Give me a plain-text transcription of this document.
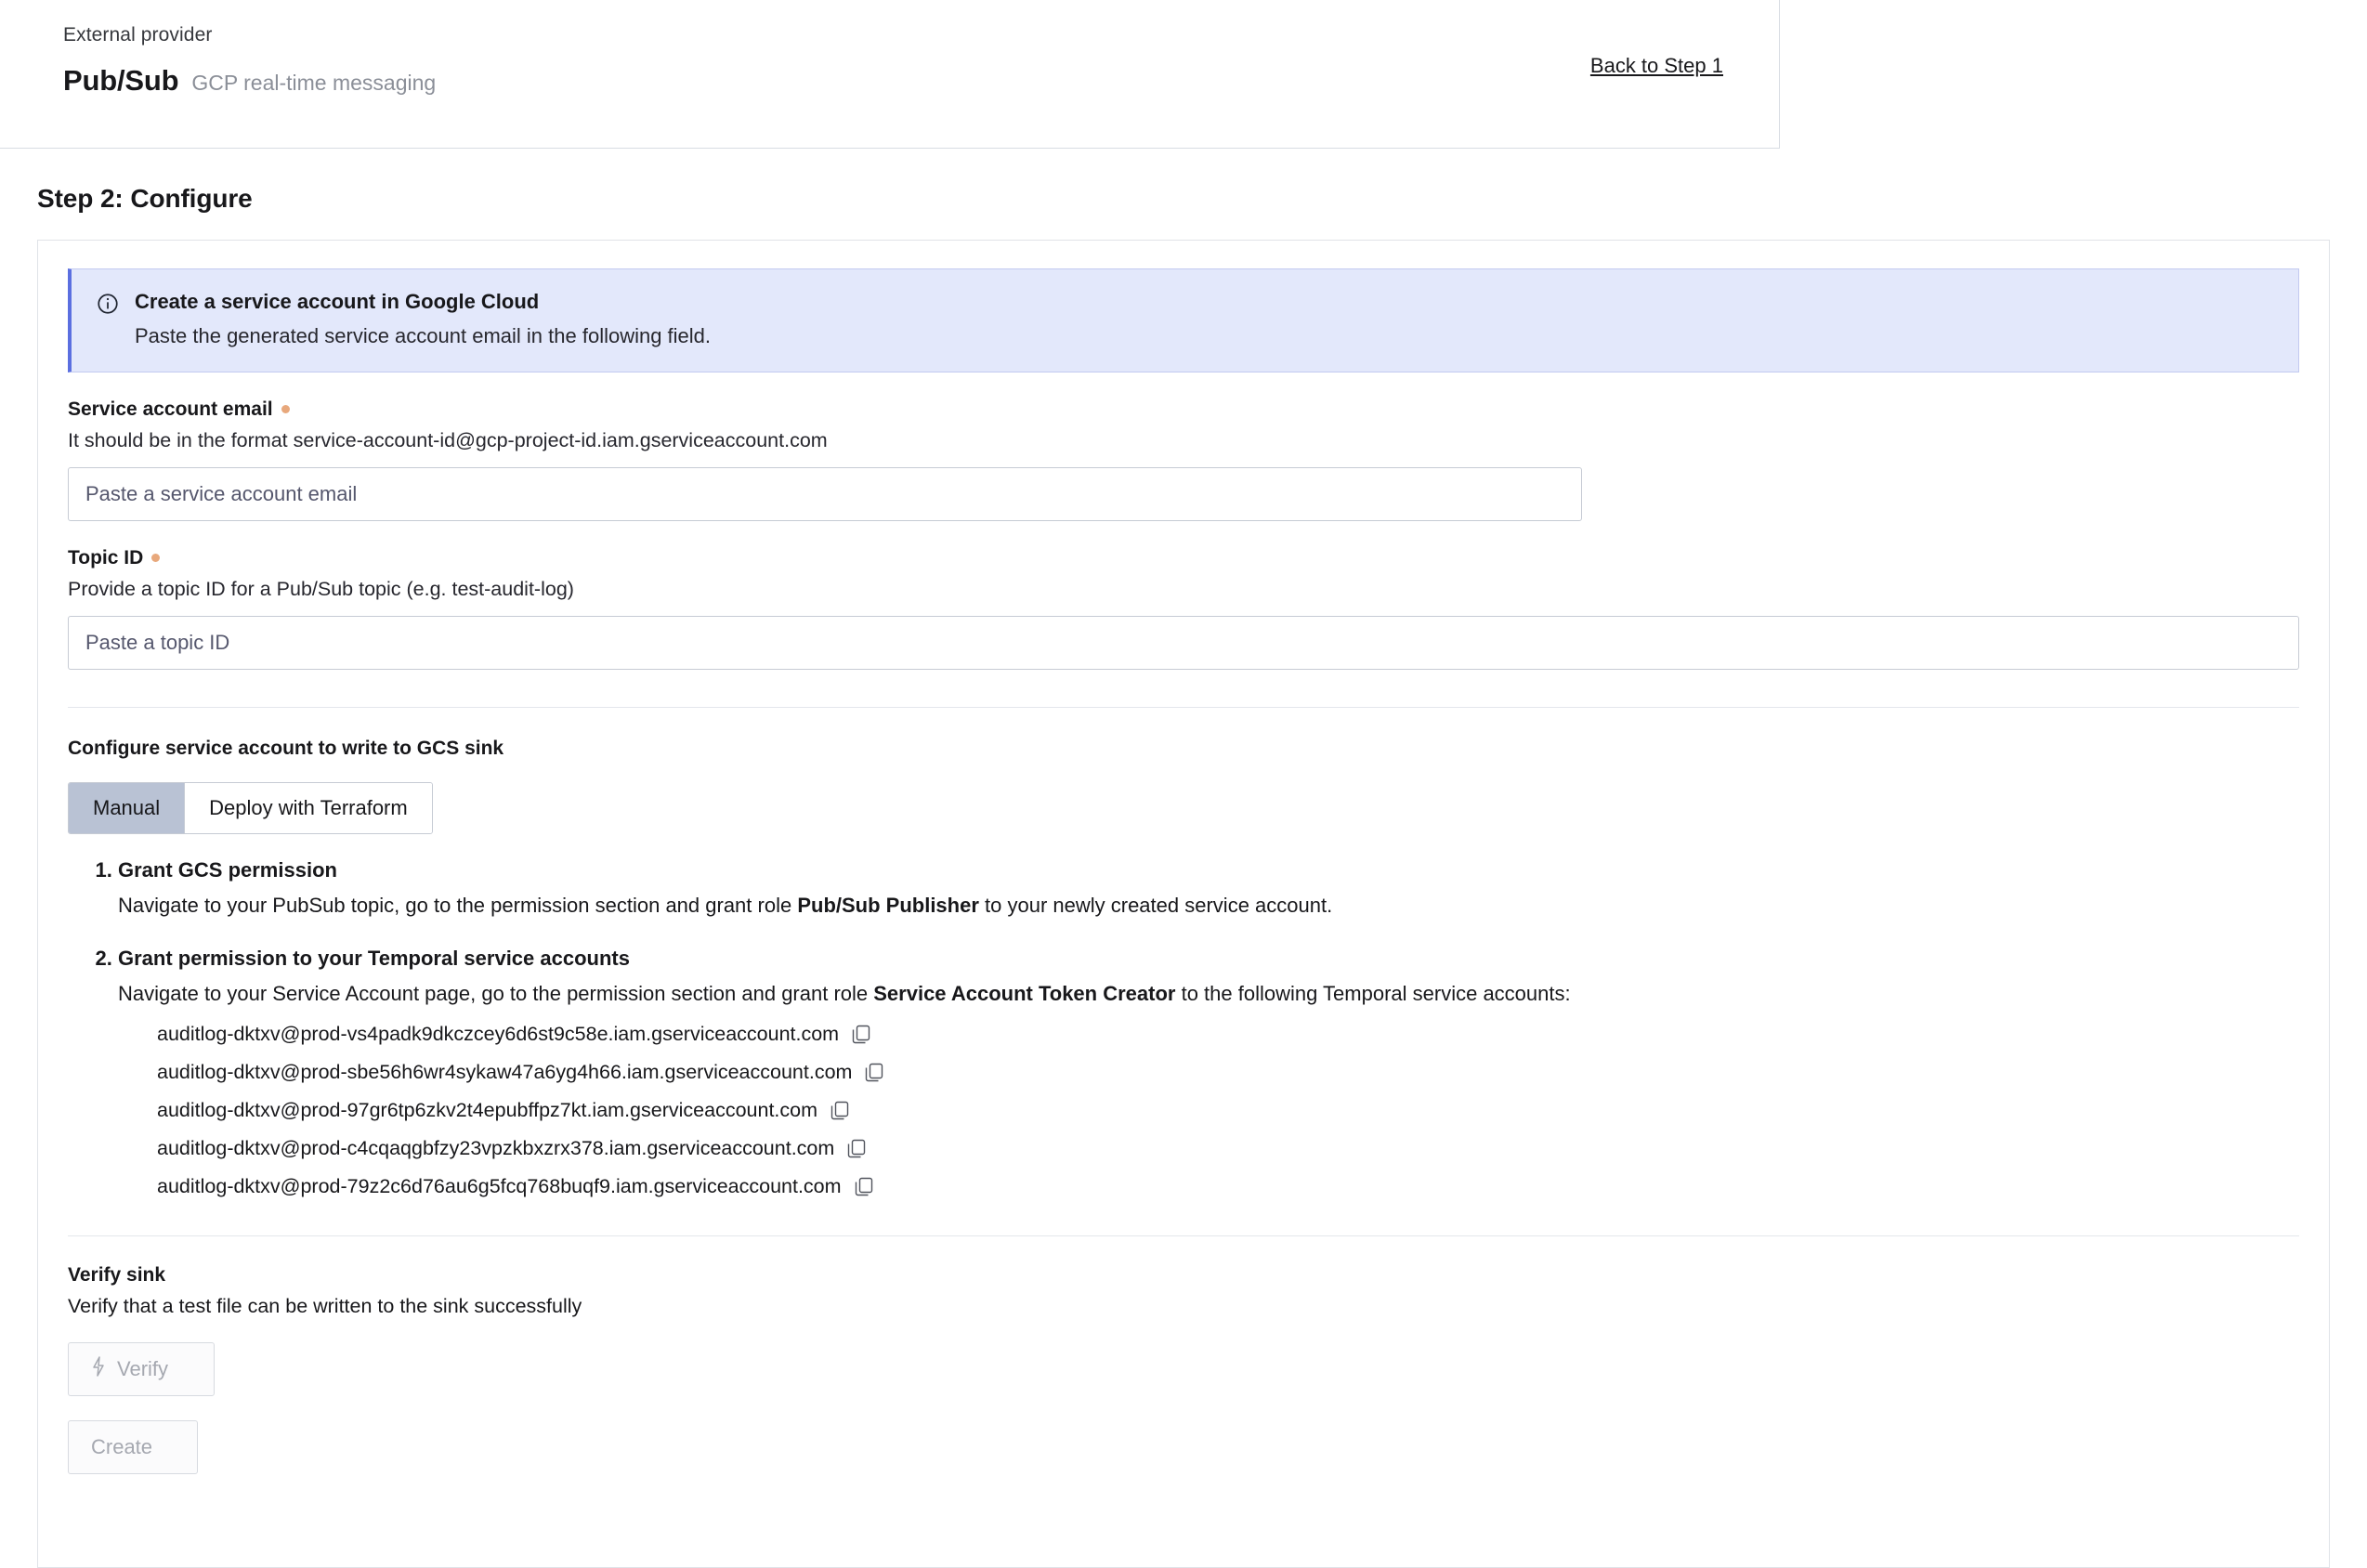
External provider
Pub/Sub GCP real-time messaging
Back to Step 1
Step 2: Configure
Create a service account in Google Cloud
Paste the generated service account email in the following field.
Service account email
It should be in the format service-account-id@gcp-project-id.iam.gserviceaccount.com
Paste a service account email
Topic ID
Provide a topic ID for a Pub/Sub topic (e.g. test-audit-log)
Paste a topic ID
Configure service account to write to GCS sink
Manual	Deploy with Terraform
1. Grant GCS permission
Navigate to your PubSub topic, go to the permission section and grant role Pub/Sub Publisher to your newly created service account.
2. Grant permission to your Temporal service accounts
Navigate to your Service Account page, go to the permission section and grant role Service Account Token Creator to the following Temporal service accounts:
auditlog-dktxv@prod-vs4padk9dkczcey6d6st9c58e.iam.gserviceaccount.com
auditlog-dktxv@prod-sbe56h6wr4sykaw47a6yg4h66.iam.gserviceaccount.com
auditlog-dktxv@prod-97gr6tp6zkv2t4epubffpz7kt.iam.gserviceaccount.com
auditlog-dktxv@prod-c4cqaqgbfzy23vpzkbxzrx378.iam.gserviceaccount.com
auditlog-dktxv@prod-79z2c6d76au6g5fcq768buqf9.iam.gserviceaccount.com
Verify sink
Verify that a test file can be written to the sink successfully
Verify
Create
